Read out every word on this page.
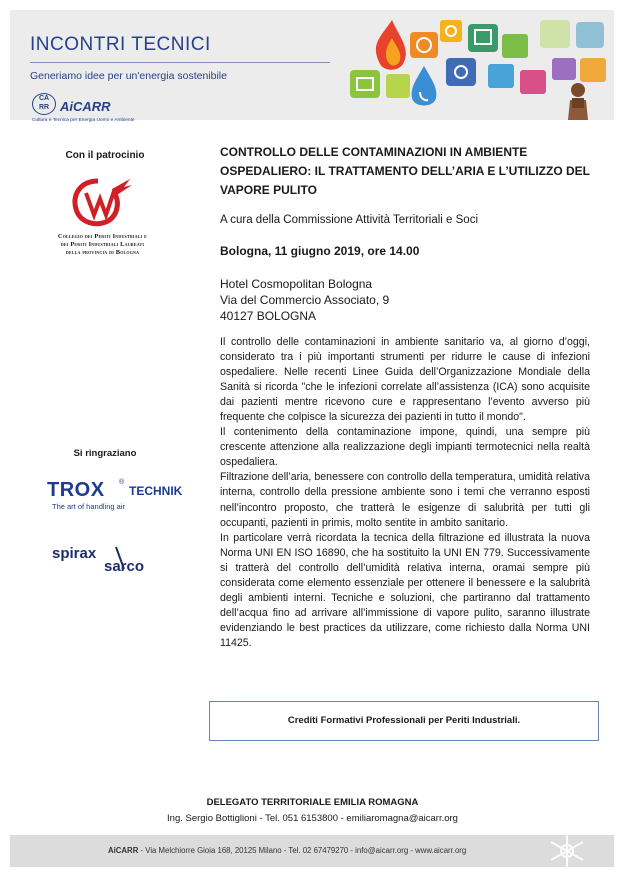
INCONTRI TECNICI
Generiamo idee per un'energia sostenibile
CA
RR AiCARR
Cultura e Tecnica per Energia Uomo e Ambiente
Con il patrocinio
Collegio dei Periti Industriali e
dei Periti Industriali Laureati
della provincia di Bologna
Si ringraziano
TROX ®
TECHNIK
The art of handling air
spirax
sarco
CONTROLLO DELLE CONTAMINAZIONI IN AMBIENTE OSPEDALIERO: IL TRATTAMENTO DELL’ARIA E L’UTILIZZO DEL VAPORE PULITO
A cura della Commissione Attività Territoriali e Soci
Bologna, 11 giugno 2019, ore 14.00
Hotel Cosmopolitan Bologna
Via del Commercio Associato, 9
40127 BOLOGNA

Il controllo delle contaminazioni in ambiente sanitario va, al giorno d’oggi, considerato tra i più importanti strumenti per ridurre le cause di infezioni ospedaliere. Nelle recenti Linee Guida dell’Organizzazione Mondiale della Sanità si ricorda "che le infezioni correlate all’assistenza (ICA) sono acquisite dai pazienti mentre ricevono cure e rappresentano l’evento avverso più frequente che colpisce la sicurezza dei pazienti in tutto il mondo".

Il contenimento della contaminazione impone, quindi, una sempre più crescente attenzione alla realizzazione degli impianti termotecnici nella realtà ospedaliera.

Filtrazione dell’aria, benessere con controllo della temperatura, umidità relativa interna, controllo della pressione ambiente sono i temi che verranno esposti nell’incontro proposto, che tratterà le esigenze di salubrità per tutti gli occupanti, pazienti in primis, molto sentite in ambito sanitario.

In particolare verrà ricordata la tecnica della filtrazione ed illustrata la nuova Norma UNI EN ISO 16890, che ha sostituito la UNI EN 779. Successivamente si tratterà del controllo dell’umidità relativa interna, oramai sempre più considerata come elemento essenziale per ottenere il benessere e la salubrità degli ambienti interni. Tecniche e soluzioni, che partiranno dal trattamento dell’acqua fino ad arrivare all’immissione di vapore pulito, saranno illustrate evidenziando le best practices da utilizzare, come richiesto dalla Norma UNI 11425.

Crediti Formativi Professionali per Periti Industriali.
DELEGATO TERRITORIALE EMILIA ROMAGNA
Ing. Sergio Bottiglioni - Tel. 051 6153800 - emiliaromagna@aicarr.org
AiCARR - Via Melchiorre Gioia 168, 20125 Milano - Tel. 02 67479270 - info@aicarr.org - www.aicarr.org
